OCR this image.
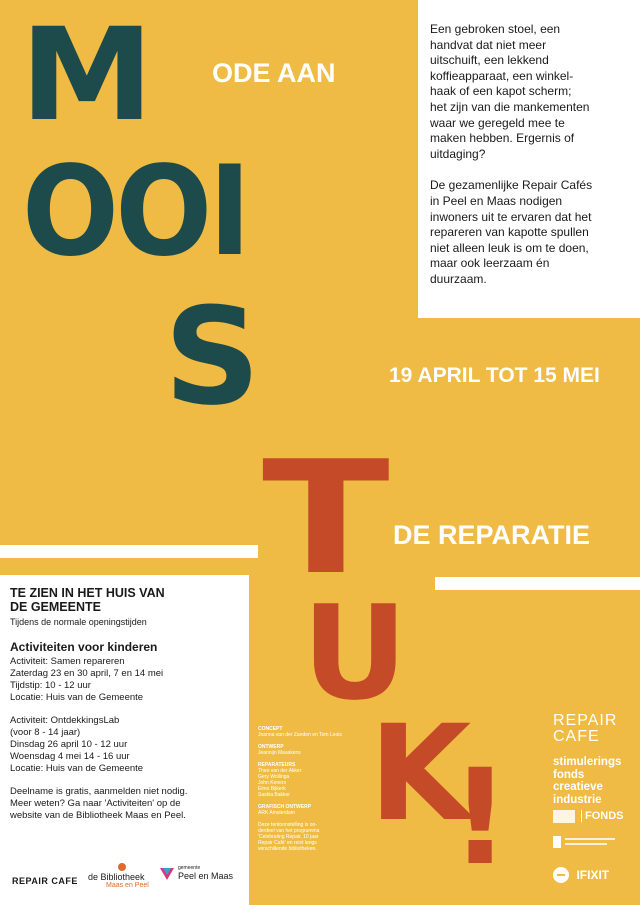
M
OOI
S
T
U
K
!
ODE AAN
19 APRIL TOT 15 MEI
DE REPARATIE
Een gebroken stoel, een
handvat dat niet meer
uitschuift, een lekkend
koffieapparaat, een winkel-
haak of een kapot scherm;
het zijn van die mankementen
waar we geregeld mee te
maken hebben. Ergernis of
uitdaging?
De gezamenlijke Repair Cafés
in Peel en Maas nodigen
inwoners uit te ervaren dat het
repareren van kapotte spullen
niet alleen leuk is om te doen,
maar ook leerzaam én
duurzaam.
TE ZIEN IN HET HUIS VAN
DE GEMEENTE
Tijdens de normale openingstijden
Activiteiten voor kinderen
Activiteit: Samen repareren
Zaterdag 23 en 30 april, 7 en 14 mei
Tijdstip: 10 - 12 uur
Locatie: Huis van de Gemeente
Activiteit: OntdekkingsLab
(voor 8 - 14 jaar)
Dinsdag 26 april 10 - 12 uur
Woensdag 4 mei 14 - 16 uur
Locatie: Huis van de Gemeente
Deelname is gratis, aanmelden niet nodig.
Meer weten? Ga naar 'Activiteiten' op de
website van de Bibliotheek Maas en Peel.
REPAIR CAFE de Bibliotheek
Maas en Peel
gemeente
Peel en Maas
CONCEPT
Joanna van der Zanden en Tom Loois
ONTWERP
Jeannijn Maaskens
REPARATEURS
Theo van der Akker
Gery Wollinga
John Keners
Elmo Bijkerk
Saskia Bakker
GRAFISCH ONTWERP
ARK Amsterdam
Deze tentoonstelling is on-
derdeel van het programma
'Celebrating Repair, 10 jaar
Repair Café' en reist langs
verschillende bibliotheken.
REPAIR
CAFE
stimulerings
fonds
creatieve
industrie
FONDS
IFIXIT
